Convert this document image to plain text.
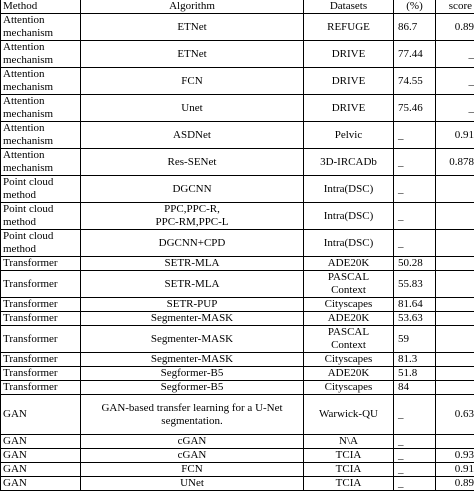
Method	Algorithm	Datasets	(%)	score

Attention
mechanism	ETNet	REFUGE	86.7	0.89

Attention
mechanism	ETNet	DRIVE	77.44	_

Attention
mechanism	FCN	DRIVE	74.55	_

Attention
mechanism	Unet	DRIVE	75.46	_

Attention
mechanism	ASDNet	Pelvic	_	0.91

Attention
mechanism	Res-SENet	3D-IRCADb	_	0.878

Point cloud
method	DGCNN	Intra(DSC)	_	

Point cloud
method	PPC,PPC-R,
PPC-RM,PPC-L	Intra(DSC)	_	

Point cloud
method	DGCNN+CPD	Intra(DSC)	_	

Transformer	SETR-MLA	ADE20K	50.28	

Transformer	SETR-MLA	PASCAL
Context	55.83	

Transformer	SETR-PUP	Cityscapes	81.64	

Transformer	Segmenter-MASK	ADE20K	53.63	

Transformer	Segmenter-MASK	PASCAL
Context	59	

Transformer	Segmenter-MASK	Cityscapes	81.3	

Transformer	Segformer-B5	ADE20K	51.8	

Transformer	Segformer-B5	Cityscapes	84	

GAN	GAN-based transfer learning for a U-Net
segmentation.	Warwick-QU	_	0.63

GAN	cGAN	N\A	_	

GAN	cGAN	TCIA	_	0.93

GAN	FCN	TCIA	_	0.91

GAN	UNet	TCIA	_	0.89
